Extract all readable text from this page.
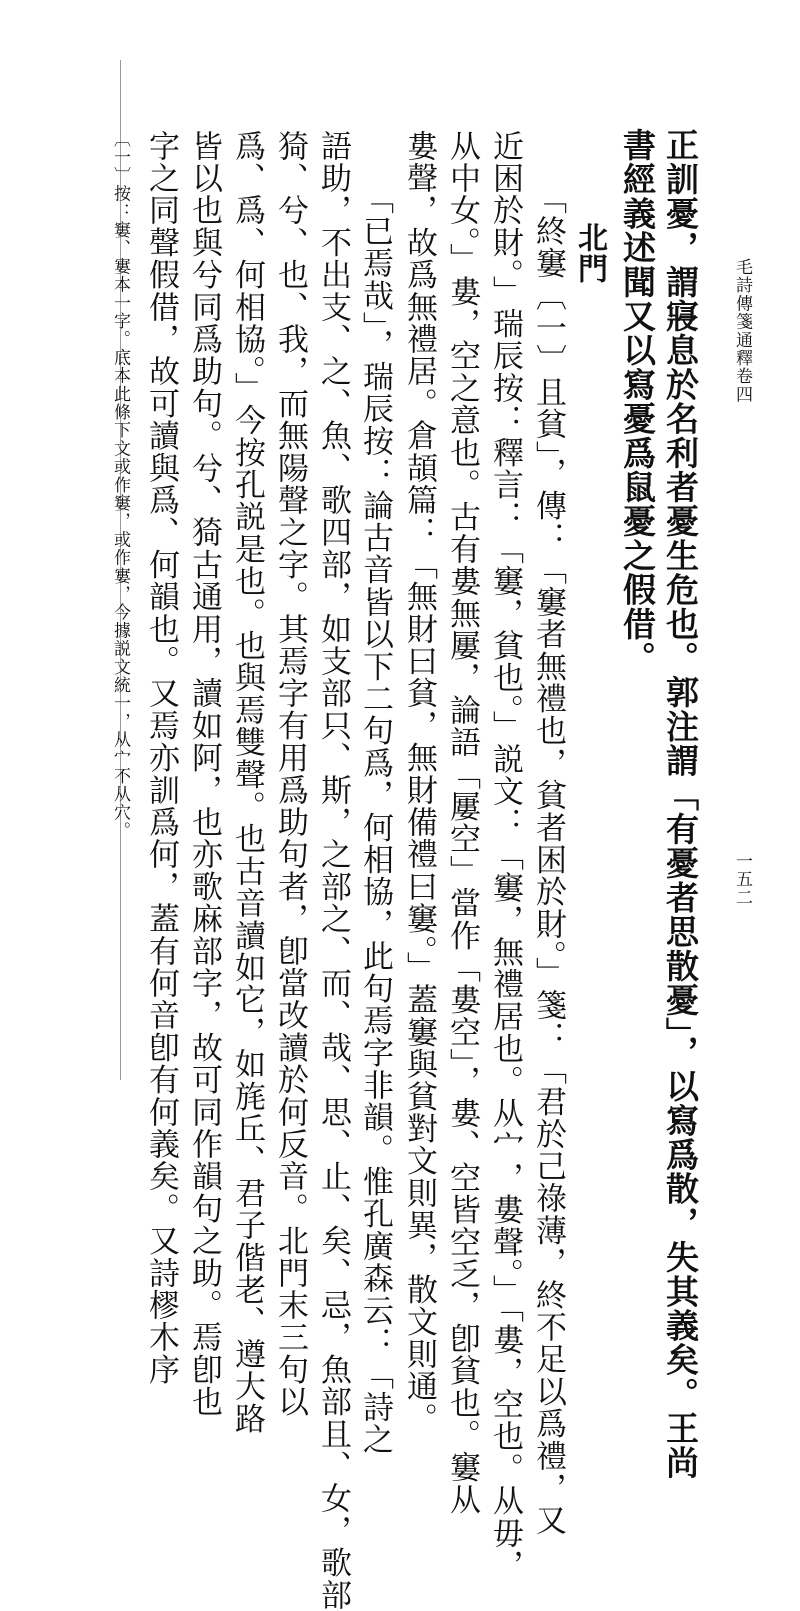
毛詩傳箋通釋卷四
一五二
正訓憂，謂寢息於名利者憂生危也。郭注謂「有憂者思散憂」，以寫爲散，失其義矣。王尚
書經義述聞又以寫憂爲鼠憂之假借。
北門
「終窶〔一〕且貧」，傳：「窶者無禮也，貧者困於財。」箋：「君於己祿薄，終不足以爲禮，又
近困於財。」瑞辰按：釋言：「窶，貧也。」説文：「窶，無禮居也。从宀，婁聲。」「婁，空也。从毋，
从中女。」婁，空之意也。古有婁無屢，論語「屢空」當作「婁空」，婁、空皆空乏，卽貧也。窶从
婁聲，故爲無禮居。倉頡篇：「無財曰貧，無財備禮曰窶。」蓋窶與貧對文則異，散文則通。
「已焉哉」，瑞辰按：論古音皆以下二句爲，何相協，此句焉字非韻。惟孔廣森云：「詩之
語助，不出支、之、魚、歌四部，如支部只、斯，之部之、而、哉、思、止、矣、忌，魚部且、女，歌部
猗、兮、也、我，而無陽聲之字。其焉字有用爲助句者，卽當改讀於何反音。北門末三句以
爲、爲、何相協。」今按孔説是也。也與焉雙聲。也古音讀如它，如旄丘、君子偕老、遵大路
皆以也與兮同爲助句。兮、猗古通用，讀如阿，也亦歌麻部字，故可同作韻句之助。焉卽也
字之同聲假借，故可讀與爲、何韻也。又焉亦訓爲何，蓋有何音卽有何義矣。又詩樛木序
〔一〕按：窶、寠本一字。底本此條下文或作窶，或作寠，今據説文統一，从宀不从穴。
